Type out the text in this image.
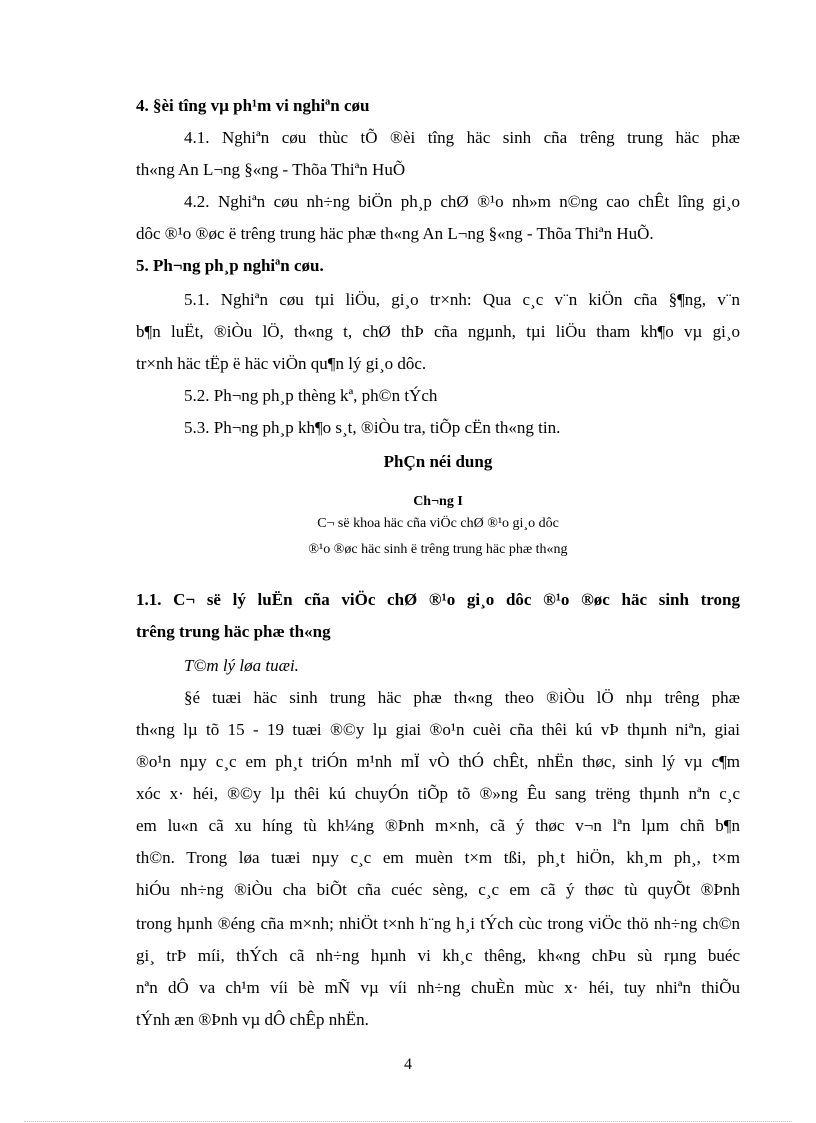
4. §èi tîng vµ ph¹m vi nghiªn cøu
4.1. Nghiªn cøu thùc tÕ ®èi tîng häc sinh cña trêng trung häc phæ
th«ng An L¬ng §«ng - Thõa Thiªn HuÕ
4.2. Nghiªn cøu nh÷ng biÖn ph¸p chØ ®¹o nh»m n©ng cao chÊt lîng gi¸o
dôc ®¹o ®øc ë trêng trung häc phæ th«ng An L¬ng §«ng - Thõa Thiªn HuÕ.
5. Ph¬ng ph¸p nghiªn cøu.
5.1. Nghiªn cøu tµi liÖu, gi¸o tr×nh: Qua c¸c v¨n kiÖn cña §¶ng, v¨n
b¶n luËt, ®iÒu lÖ, th«ng t, chØ thÞ cña ngµnh, tµi liÖu tham kh¶o vµ gi¸o
tr×nh häc tËp ë häc viÖn qu¶n lý gi¸o dôc.
5.2. Ph¬ng ph¸p thèng kª, ph©n tÝch
5.3. Ph¬ng ph¸p kh¶o s¸t, ®iÒu tra, tiÕp cËn th«ng tin.
PhÇn néi dung
Ch¬ng I
C¬ së khoa häc cña viÖc chØ ®¹o gi¸o dôc
®¹o ®øc häc sinh ë trêng trung häc phæ th«ng
1.1. C¬ së lý luËn cña viÖc chØ ®¹o gi¸o dôc ®¹o ®øc häc sinh trong
trêng trung häc phæ th«ng
T©m lý løa tuæi.
§é tuæi häc sinh trung häc phæ th«ng theo ®iÒu lÖ nhµ trêng phæ
th«ng lµ tõ 15 - 19 tuæi ®©y lµ giai ®o¹n cuèi cña thêi kú vÞ thµnh niªn, giai
®o¹n nµy c¸c em ph¸t triÓn m¹nh mÏ vÒ thÓ chÊt, nhËn thøc, sinh lý vµ c¶m
xóc x· héi, ®©y lµ thêi kú chuyÓn tiÕp tõ ®»ng Êu sang trëng thµnh nªn c¸c
em lu«n cã xu híng tù kh¼ng ®Þnh m×nh, cã ý thøc v¬n lªn lµm chñ b¶n
th©n. Trong løa tuæi nµy c¸c em muèn t×m tßi, ph¸t hiÖn, kh¸m ph¸, t×m
hiÓu nh÷ng ®iÒu cha biÕt cña cuéc sèng, c¸c em cã ý thøc tù quyÕt ®Þnh
trong hµnh ®éng cña m×nh; nhiÖt t×nh h¨ng h¸i tÝch cùc trong viÖc thö nh÷ng ch©n
gi¸ trÞ míi, thÝch cã nh÷ng hµnh vi kh¸c thêng, kh«ng chÞu sù rµng buéc
nªn dÔ va ch¹m víi bè mÑ vµ víi nh÷ng chuÈn mùc x· héi, tuy nhiªn thiÕu
tÝnh æn ®Þnh vµ dÔ chÊp nhËn.
4
